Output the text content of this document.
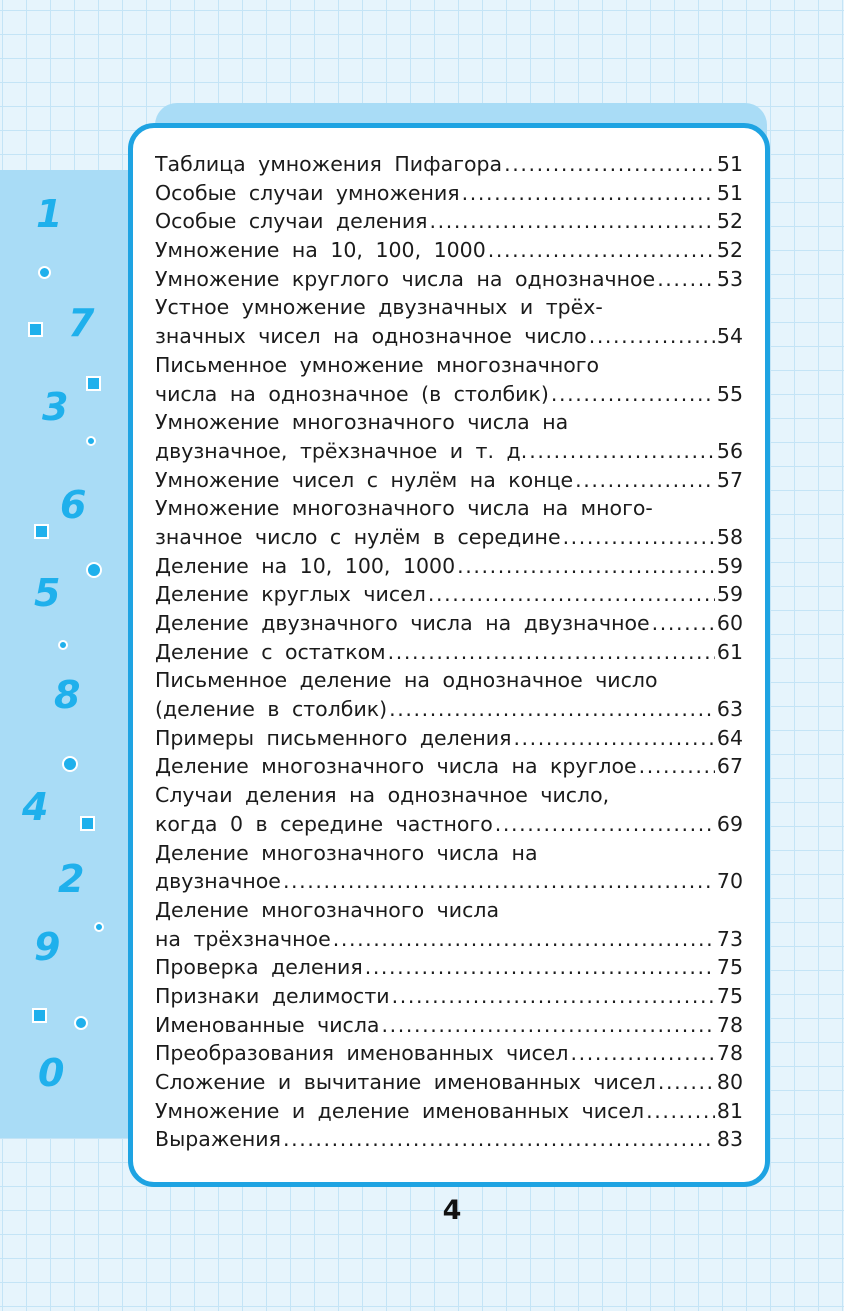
1
7
3
6
5
8
4
2
9
0
Таблица умножения Пифагора .....	51
Особые случаи умножения .....	51
Особые случаи деления .....	52
Умножение на 10, 100, 1000 .....	52
Умножение круглого числа на однозначное .....	53
Устное умножение двузначных и трёх-
значных чисел на однозначное число .....	54
Письменное умножение многозначного
числа на однозначное (в столбик) .....	55
Умножение многозначного числа на
двузначное, трёхзначное и т. д. .....	56
Умножение чисел с нулём на конце .....	57
Умножение многозначного числа на много-
значное число с нулём в середине .....	58
Деление на 10, 100, 1000 .....	59
Деление круглых чисел .....	59
Деление двузначного числа на двузначное .....	60
Деление с остатком .....	61
Письменное деление на однозначное число
(деление в столбик) .....	63
Примеры письменного деления .....	64
Деление многозначного числа на круглое .....	67
Случаи деления на однозначное число,
когда 0 в середине частного .....	69
Деление многозначного числа на
двузначное .....	70
Деление многозначного числа
на трёхзначное .....	73
Проверка деления .....	75
Признаки делимости .....	75
Именованные числа .....	78
Преобразования именованных чисел .....	78
Сложение и вычитание именованных чисел .....	80
Умножение и деление именованных чисел .....	81
Выражения .....	83
4
